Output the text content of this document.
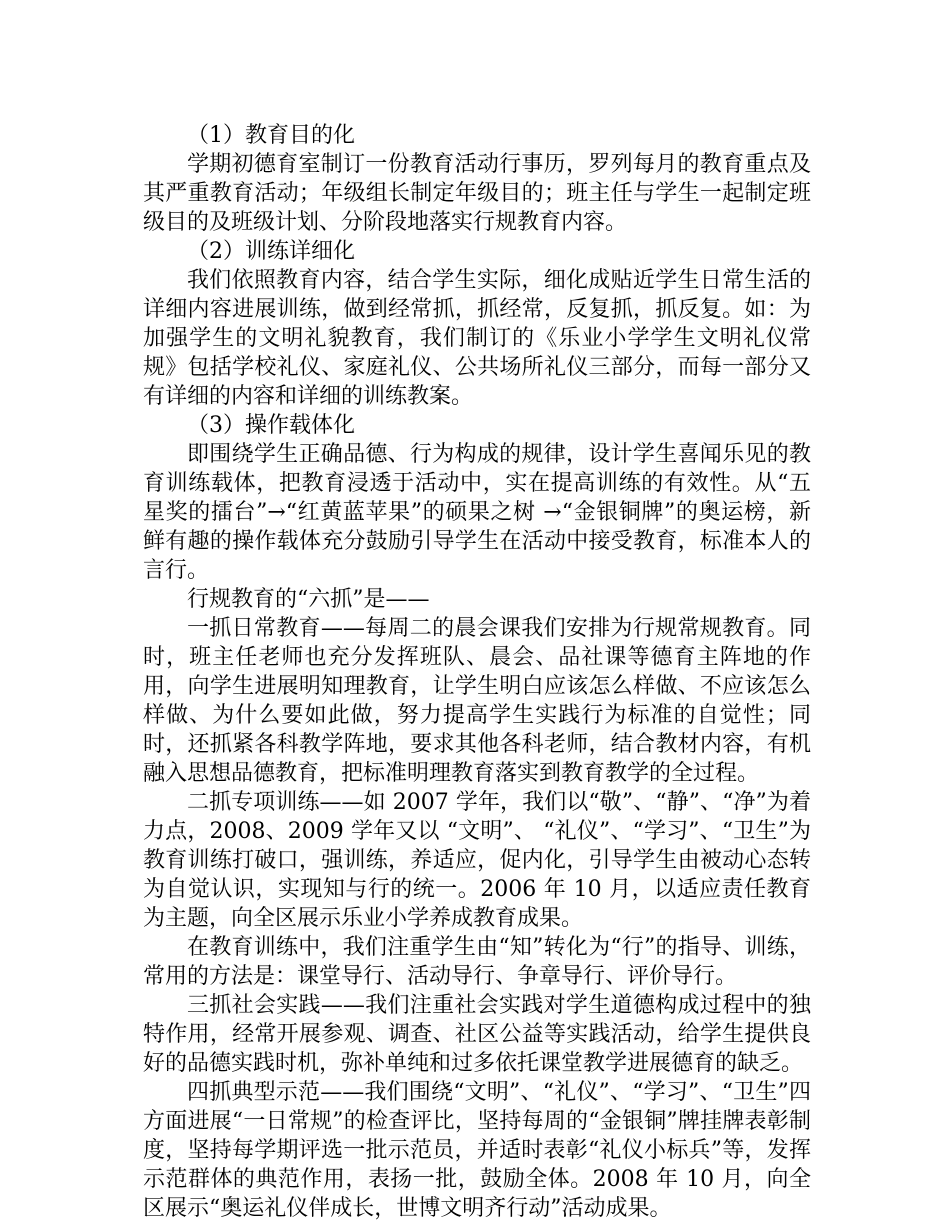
（1）教育目的化

学期初德育室制订一份教育活动行事历，罗列每月的教育重点及其严重教育活动；年级组长制定年级目的；班主任与学生一起制定班级目的及班级计划、分阶段地落实行规教育内容。

（2）训练详细化

我们依照教育内容，结合学生实际，细化成贴近学生日常生活的详细内容进展训练，做到经常抓，抓经常，反复抓，抓反复。如：为加强学生的文明礼貌教育，我们制订的《乐业小学学生文明礼仪常规》包括学校礼仪、家庭礼仪、公共场所礼仪三部分，而每一部分又有详细的内容和详细的训练教案。

（3）操作载体化

即围绕学生正确品德、行为构成的规律，设计学生喜闻乐见的教育训练载体，把教育浸透于活动中，实在提高训练的有效性。从“五星奖的擂台”→“红黄蓝苹果”的硕果之树 →“金银铜牌”的奥运榜，新鲜有趣的操作载体充分鼓励引导学生在活动中接受教育，标准本人的言行。

行规教育的“六抓”是——

一抓日常教育——每周二的晨会课我们安排为行规常规教育。同时，班主任老师也充分发挥班队、晨会、品社课等德育主阵地的作用，向学生进展明知理教育，让学生明白应该怎么样做、不应该怎么样做、为什么要如此做，努力提高学生实践行为标准的自觉性；同时，还抓紧各科教学阵地，要求其他各科老师，结合教材内容，有机融入思想品德教育，把标准明理教育落实到教育教学的全过程。

二抓专项训练——如 2007 学年，我们以“敬”、“静”、“净”为着力点，2008、2009 学年又以 “文明”、 “礼仪”、“学习”、“卫生”为教育训练打破口，强训练，养适应，促内化，引导学生由被动心态转为自觉认识，实现知与行的统一。2006 年 10 月，以适应责任教育为主题，向全区展示乐业小学养成教育成果。

在教育训练中，我们注重学生由“知”转化为“行”的指导、训练，常用的方法是：课堂导行、活动导行、争章导行、评价导行。

三抓社会实践——我们注重社会实践对学生道德构成过程中的独特作用，经常开展参观、调查、社区公益等实践活动，给学生提供良好的品德实践时机，弥补单纯和过多依托课堂教学进展德育的缺乏。

四抓典型示范——我们围绕“文明”、“礼仪”、“学习”、“卫生”四方面进展“一日常规”的检查评比，坚持每周的“金银铜”牌挂牌表彰制度，坚持每学期评选一批示范员，并适时表彰“礼仪小标兵”等，发挥示范群体的典范作用，表扬一批，鼓励全体。2008 年 10 月，向全区展示“奥运礼仪伴成长，世博文明齐行动”活动成果。
